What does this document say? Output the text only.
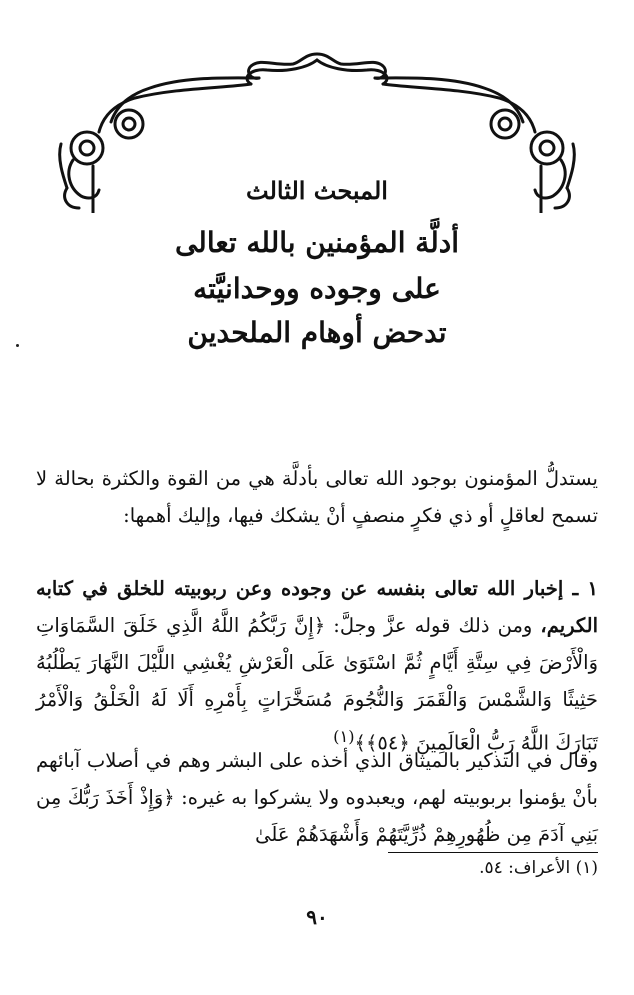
المبحث الثالث
أدلَّة المؤمنين بالله تعالى
على وجوده ووحدانيَّته
تدحض أوهام الملحدين

يستدلُّ المؤمنون بوجود الله تعالى بأدلَّة هي من القوة والكثرة بحالة لا تسمح لعاقلٍ أو ذي فكرٍ منصفٍ أنْ يشكك فيها، وإليك أهمها:

١ ـ إخبار الله تعالى بنفسه عن وجوده وعن ربوبيته للخلق في كتابه الكريم، ومن ذلك قوله عزَّ وجلَّ: ﴿إِنَّ رَبَّكُمُ اللَّهُ الَّذِي خَلَقَ السَّمَاوَاتِ وَالْأَرْضَ فِي سِتَّةِ أَيَّامٍ ثُمَّ اسْتَوَىٰ عَلَى الْعَرْشِ يُغْشِي اللَّيْلَ النَّهَارَ يَطْلُبُهُ حَثِيثًا وَالشَّمْسَ وَالْقَمَرَ وَالنُّجُومَ مُسَخَّرَاتٍ بِأَمْرِهِ أَلَا لَهُ الْخَلْقُ وَالْأَمْرُ تَبَارَكَ اللَّهُ رَبُّ الْعَالَمِينَ ﴿٥٤﴾﴾$^{(١)}$

وقال في التذكير بالميثاق الذي أخذه على البشر وهم في أصلاب آبائهم بأنْ يؤمنوا بربوبيته لهم، ويعبدوه ولا يشركوا به غيره: ﴿وَإِذْ أَخَذَ رَبُّكَ مِن بَنِي آدَمَ مِن ظُهُورِهِمْ ذُرِّيَّتَهُمْ وَأَشْهَدَهُمْ عَلَىٰ

(١) الأعراف: ٥٤.
٩٠
